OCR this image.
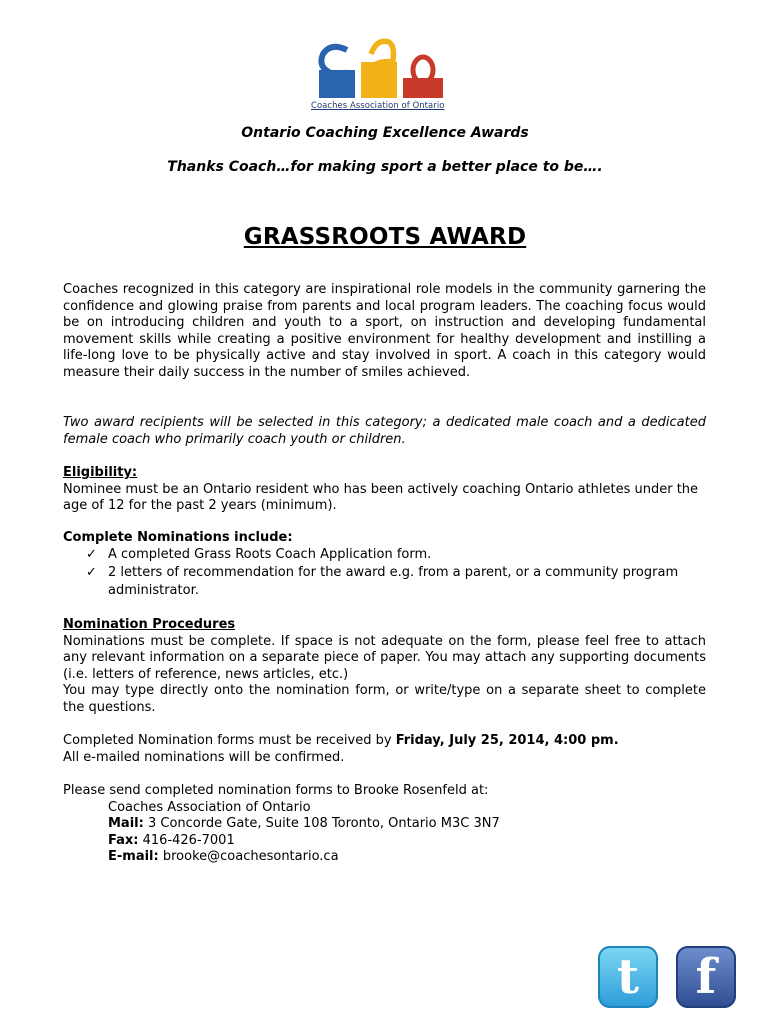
Coaches Association of Ontario
Ontario Coaching Excellence Awards
Thanks Coach…for making sport a better place to be….
GRASSROOTS AWARD
Coaches recognized in this category are inspirational role models in the community garnering the confidence and glowing praise from parents and local program leaders. The coaching focus would be on introducing children and youth to a sport, on instruction and developing fundamental movement skills while creating a positive environment for healthy development and instilling a life-long love to be physically active and stay involved in sport. A coach in this category would measure their daily success in the number of smiles achieved.
Two award recipients will be selected in this category; a dedicated male coach and a dedicated female coach who primarily coach youth or children.
Eligibility:
Nominee must be an Ontario resident who has been actively coaching Ontario athletes under the age of 12 for the past 2 years (minimum).
Complete Nominations include:
✓ A completed Grass Roots Coach Application form.
✓ 2 letters of recommendation for the award e.g. from a parent, or a community program administrator.
Nomination Procedures
Nominations must be complete. If space is not adequate on the form, please feel free to attach any relevant information on a separate piece of paper. You may attach any supporting documents (i.e. letters of reference, news articles, etc.)
You may type directly onto the nomination form, or write/type on a separate sheet to complete the questions.
Completed Nomination forms must be received by Friday, July 25, 2014, 4:00 pm.
All e-mailed nominations will be confirmed.
Please send completed nomination forms to Brooke Rosenfeld at:
Coaches Association of Ontario
Mail: 3 Concorde Gate, Suite 108 Toronto, Ontario M3C 3N7
Fax: 416-426-7001
E-mail: brooke@coachesontario.ca
t	f
